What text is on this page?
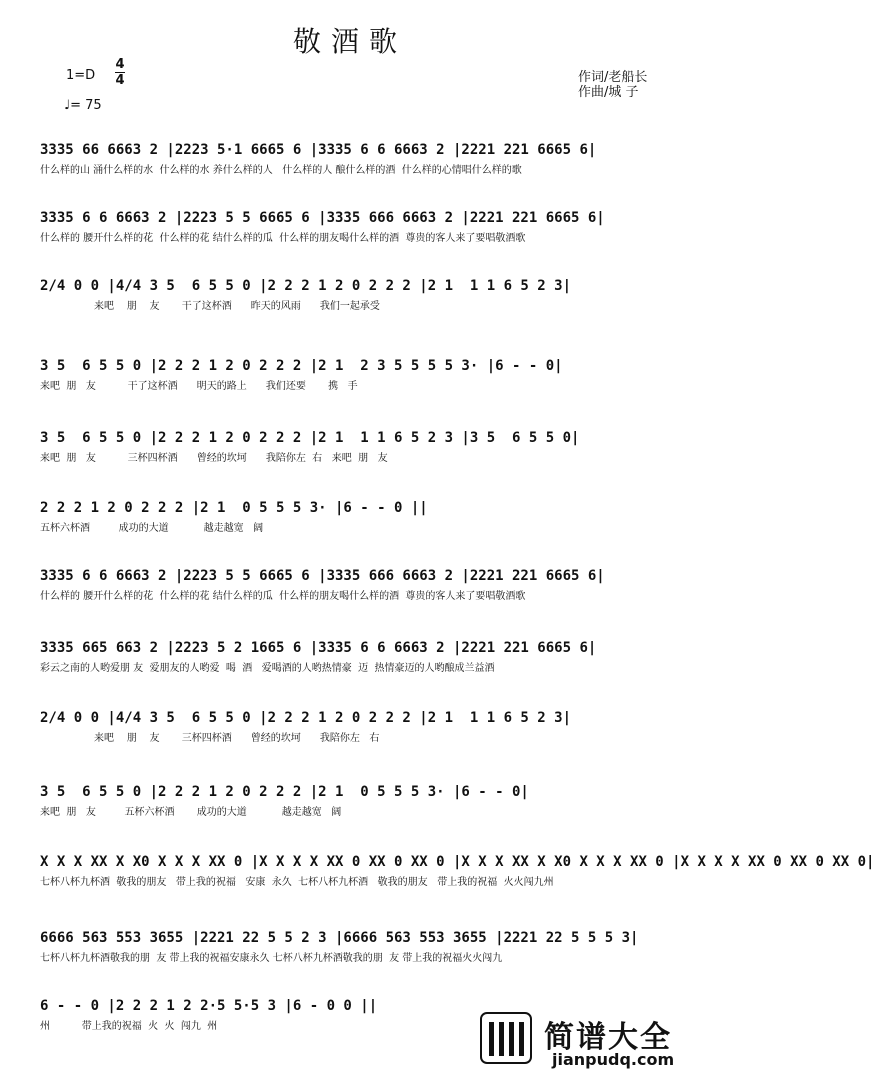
敬酒歌
1=D
4
4
♩= 75
作词/老船长
作曲/城 子
3335 66 6663 2 |2223 5·1 6665 6 |3335 6 6 6663 2 |2221 221 6665 6|
什么样的山 涌什么样的水  什么样的水 养什么样的人   什么样的人 酿什么样的酒  什么样的心情唱什么样的歌
3335 6 6 6663 2 |2223 5 5 6665 6 |3335 666 6663 2 |2221 221 6665 6|
什么样的 腰开什么样的花  什么样的花 结什么样的瓜  什么样的朋友喝什么样的酒  尊贵的客人来了要唱敬酒歌
2/4 0 0 |4/4 3 5  6 5 5 0 |2 2 2 1 2 0 2 2 2 |2 1  1 1 6 5 2 3|
来吧    朋    友       干了这杯酒      昨天的风雨      我们一起承受
3 5  6 5 5 0 |2 2 2 1 2 0 2 2 2 |2 1  2 3 5 5 5 5 3· |6 - - 0|
来吧  朋   友          干了这杯酒      明天的路上      我们还要       携   手
3 5  6 5 5 0 |2 2 2 1 2 0 2 2 2 |2 1  1 1 6 5 2 3 |3 5  6 5 5 0|
来吧  朋   友          三杯四杯酒      曾经的坎坷      我陪你左  右   来吧  朋   友
2 2 2 1 2 0 2 2 2 |2 1  0 5 5 5 3· |6 - - 0 ||
五杯六杯酒         成功的大道           越走越宽   阔
3335 6 6 6663 2 |2223 5 5 6665 6 |3335 666 6663 2 |2221 221 6665 6|
什么样的 腰开什么样的花  什么样的花 结什么样的瓜  什么样的朋友喝什么样的酒  尊贵的客人来了要唱敬酒歌
3335 665 663 2 |2223 5 2 1665 6 |3335 6 6 6663 2 |2221 221 6665 6|
彩云之南的人哟爱朋 友  爱朋友的人哟爱  喝  酒   爱喝酒的人哟热情豪  迈  热情豪迈的人哟酿成兰益酒
2/4 0 0 |4/4 3 5  6 5 5 0 |2 2 2 1 2 0 2 2 2 |2 1  1 1 6 5 2 3|
来吧    朋    友       三杯四杯酒      曾经的坎坷      我陪你左   右
3 5  6 5 5 0 |2 2 2 1 2 0 2 2 2 |2 1  0 5 5 5 3· |6 - - 0|
来吧  朋   友         五杯六杯酒       成功的大道           越走越宽   阔
X X X XX X X0 X X X XX 0 |X X X X XX 0 XX 0 XX 0 |X X X XX X X0 X X X XX 0 |X X X X XX 0 XX 0 XX 0|
七杯八杯九杯酒  敬我的朋友   带上我的祝福   安康  永久  七杯八杯九杯酒   敬我的朋友   带上我的祝福  火火闯九州
6666 563 553 3655 |2221 22 5 5 2 3 |6666 563 553 3655 |2221 22 5 5 5 3|
七杯八杯九杯酒敬我的朋  友 带上我的祝福安康永久 七杯八杯九杯酒敬我的朋  友 带上我的祝福火火闯九
6 - - 0 |2 2 2 1 2 2·5 5·5 3 |6 - 0 0 ||
州          带上我的祝福  火  火  闯九  州	简谱大全
jianpudq.com
